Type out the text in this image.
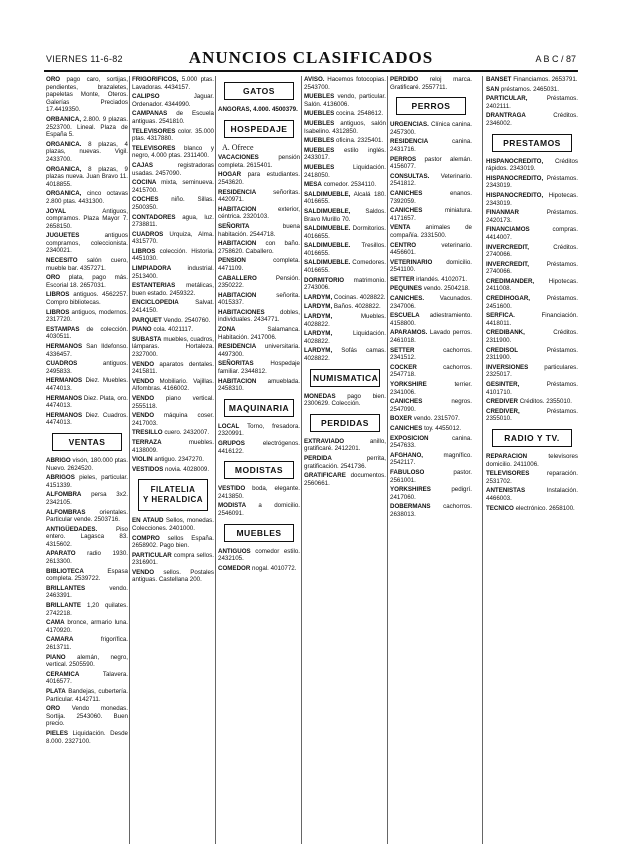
VIERNES 11-6-82	ANUNCIOS CLASIFICADOS	A B C / 87
ORO pago caro, sortijas, pendientes, brazaletes, papeletas Monte, Oteros. Galerías Preciados 17.4419350.
ORBANICA, 2.800. 9 plazas. 2523700. Lineal. Plaza de España 5.
ORGANICA. 8 plazas, 4 plazas, nuevas. Vigil. 2433700.
ORGANICA, 8 plazas, 9 plazas nueva. Juan Bravo 11. 4018855.
ORGANICA, cinco octavas 2.800 ptas. 4431300.
JOYAL	Antiguos, compramos. Plaza Mayor 7. 2658150.
JUGUETES	antiguos compramos, coleccionista. 2340021.
NECESITO salón cuero, mueble bar. 4357271.
ORO plata, pago más. Escorial 18. 2657031.
LIBROS antiguos. 4562257. Compro bibliotecas.
LIBROS antiguos, modernos. 2317720.
ESTAMPAS de colección. 4030511.
HERMANOS San Ildefonso. 4336457.
CUADROS	antiguos. 2495833.
HERMANOS Diez. Muebles. 4474013.
HERMANOS Diez. Plata, oro. 4474013.
HERMANOS Diez. Cuadros. 4474013.
VENTAS
ABRIGO visón, 180.000 ptas. Nuevo. 2624520.
ABRIGOS pieles, particular. 4151339.
ALFOMBRA persa 3x2. 2342105.
ALFOMBRAS orientales. Particular vende. 2503716.
ANTIGÜEDADES.	Piso entero. Lagasca 83. 4315602.
APARATO radio 1930. 2613300.
BIBLIOTECA	Espasa completa. 2539722.
BRILLANTES	vendo. 2463391.
BRILLANTE 1,20 quilates. 2742218.
CAMA bronce, armario luna. 4170920.
CAMARA	frigorífica. 2613711.
PIANO alemán, negro, vertical. 2505590.
CERAMICA	Talavera. 4016577.
PLATA Bandejas, cubertería. Particular. 4142711.
ORO Vendo monedas. Sortija. 2543060. Buen precio.
PIELES Liquidación. Desde 8.000. 2327100.
FRIGORIFICOS, 5.000 ptas. Lavadoras. 4434157.
CALIPSO	Jaguar. Ordenador. 4344990.
CAMPANAS de Escuela antiguas. 2541810.
TELEVISORES color. 35.000 ptas. 4317880.
TELEVISORES blanco y negro, 4.000 ptas. 2311400.
CAJAS	registradoras usadas. 2457090.
COCINA mixta, seminueva. 2415700.
COCHES niño. Sillas. 2500350.
CONTADORES agua, luz. 2738811.
CUADROS Urquiza, Alma. 4315770.
LIBROS colección. Historia. 4451030.
LIMPIADORA	industrial. 2513400.
ESTANTERIAS metálicas, buen estado. 2459322.
ENCICLOPEDIA	Salvat. 2414150.
PARQUET Vendo. 2540760.
PIANO cola. 4021117.
SUBASTA muebles, cuadros, lámparas. Hortaleza. 2327000.
VENDO aparatos dentales. 2415811.
VENDO Mobiliario. Vajillas. Alfombras. 4166002.
VENDO piano vertical. 2555118.
VENDO máquina coser. 2417003.
TRESILLO cuero. 2432007.
TERRAZA	muebles. 4138009.
VIOLIN antiguo. 2347270.
VESTIDOS novia. 4028009.
FILATELIA
Y HERALDICA
EN ATAUD Sellos, monedas. Colecciones. 2401000.
COMPRO sellos España. 2658902. Pago bien.
PARTICULAR compra sellos. 2316901.
VENDO sellos. Postales antiguas. Castellana 200.
GATOS
ANGORAS, 4.000. 4500379.
HOSPEDAJE
A. Ofrece
VACACIONES	pensión completa. 2615401.
HOGAR para estudiantes. 2543620.
RESIDENCIA	señoritas. 4420971.
HABITACION	exterior, céntrica. 2320103.
SEÑORITA	buena habitación. 2544718.
HABITACION con baño. 2758620. Caballero.
PENSION	completa. 4471109.
CABALLERO	Pensión. 2350222.
HABITACION	señorita. 4015337.
HABITACIONES dobles, individuales. 2434771.
ZONA	Salamanca. Habitación. 2417006.
RESIDENCIA universitaria. 4497300.
SEÑORITAS	Hospedaje familiar. 2344812.
HABITACION amueblada. 2458310.
MAQUINARIA
LOCAL Torno, fresadora. 2320991.
GRUPOS	electrógenos. 4416122.
MODISTAS
VESTIDO boda, elegante. 2413850.
MODISTA a domicilio. 2546091.
MUEBLES
ANTIGUOS comedor estilo. 2432105.
COMEDOR nogal. 4010772.
AVISO. Hacemos fotocopias. 2543700.
MUEBLES vendo, particular. Salón. 4136006.
MUEBLES cocina. 2548612.
MUEBLES antiguos, salón Isabelino. 4312850.
MUEBLES oficina. 2325401.
MUEBLES estilo inglés. 2433017.
MUEBLES	Liquidación. 2418050.
MESA comedor. 2534110.
SALDIMUEBLE, Alcalá 180. 4016655.
SALDIMUEBLE, Saldos. Bravo Murillo 70.
SALDIMUEBLE. Dormitorios. 4016655.
SALDIMUEBLE. Tresillos. 4016655.
SALDIMUEBLE. Comedores. 4016655.
DORMITORIO matrimonio. 2743006.
LARDYM, Cocinas. 4028822.
LARDYM, Baños. 4028822.
LARDYM,	Muebles. 4028822.
LARDYM,	Liquidación. 4028822.
LARDYM, Sofás camas. 4028822.
NUMISMATICA
MONEDAS pago bien. 2300629. Colección.
PERDIDAS
EXTRAVIADO	anillo, gratificaré. 2412201.
PERDIDA	perrita, gratificación. 2541736.
GRATIFICARE documentos. 2560661.
PERDIDO reloj marca. Gratificaré. 2557711.
PERROS
URGENCIAS. Clínica canina. 2457300.
RESIDENCIA	canina. 2431716.
PERROS pastor alemán. 4156077.
CONSULTAS. Veterinario. 2541812.
CANICHES	enanos. 7392059.
CANICHES	miniatura. 4171657.
VENTA animales de compañía. 2331500.
CENTRO	veterinario. 4456601.
VETERINARIO domicilio. 2541100.
SETTER irlandés. 4102071.
PEQUINES vendo. 2504218.
CANICHES.	Vacunados. 2347006.
ESCUELA adiestramiento. 4158800.
APARAMOS. Lavado perros. 2461018.
SETTER	cachorros. 2341512.
COCKER	cachorros. 2547718.
YORKSHIRE	terrier. 2341006.
CANICHES	negros. 2547090.
BOXER vendo. 2315707.
CANICHES toy. 4455012.
EXPOSICION	canina. 2547633.
AFGHANO,	magnífico. 2542117.
FABULOSO	pastor. 2561001.
YORKSHIRES	pedigrí. 2417060.
DOBERMANS cachorros. 2638013.
BANSET Financiamos. 2653791.
SAN préstamos. 2465031.
PARTICULAR,	Préstamos. 2402111.
DRANTRAGA	Créditos. 2346002.
PRESTAMOS
HISPANOCREDITO, Créditos rápidos. 2343019.
HISPANOCREDITO, Préstamos. 2343019.
HISPANOCREDITO, Hipotecas. 2343019.
FINANMAR	Préstamos. 2420173.
FINANCIAMOS	compras. 4414007.
INVERCREDIT,	Créditos. 2740066.
INVERCREDIT,	Préstamos. 2740066.
CREDIMANDER, Hipotecas. 2411008.
CREDIHOGAR,	Préstamos. 2451600.
SERFICA.	Financiación. 4418011.
CREDIBANK,	Créditos. 2311900.
CREDISOL	Préstamos. 2311900.
INVERSIONES	particulares. 2325017.
GESINTER,	Préstamos. 4101710.
CREDIVER Créditos. 2355010.
CREDIVER,	Préstamos. 2355010.
RADIO Y TV.
REPARACION	televisores domicilio. 2411006.
TELEVISORES	reparación. 2531702.
ANTENISTAS	Instalación. 4466003.
TECNICO electrónico. 2658100.
